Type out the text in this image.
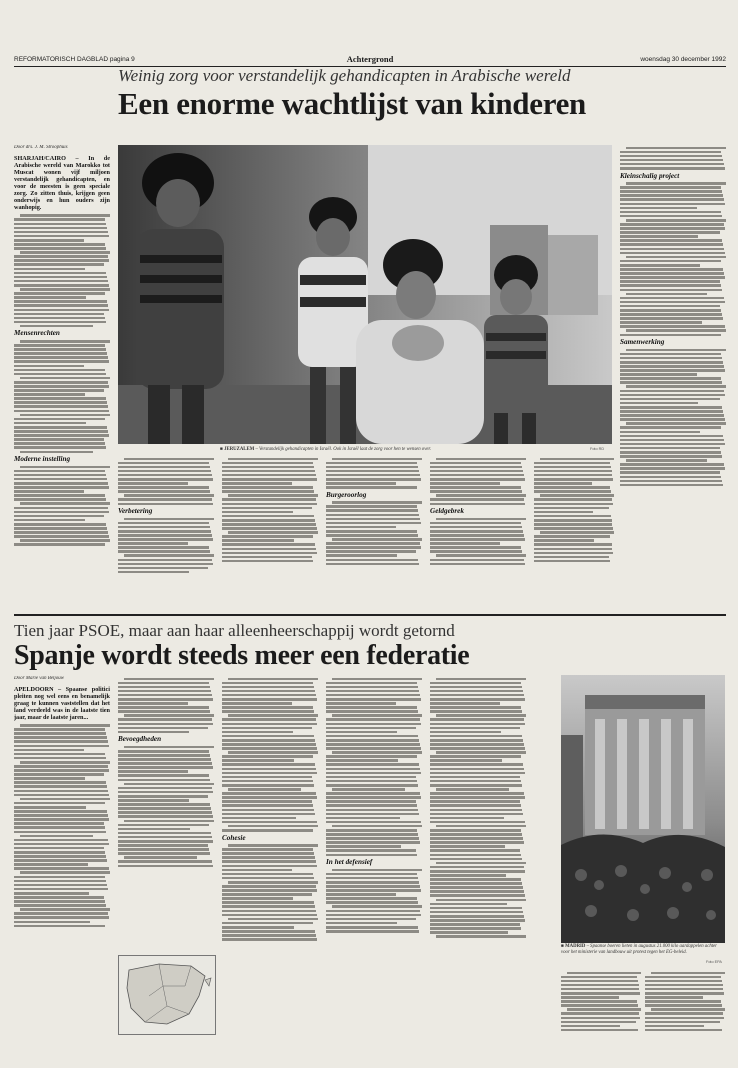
REFORMATORISCH DAGBLAD pagina 9	Achtergrond	woensdag 30 december 1992
Weinig zorg voor verstandelijk gehandicapten in Arabische wereld
Een enorme wachtlijst van kinderen
Door drs. J. M. Stroophuis
SHARJAH/CAIRO – In de Arabische wereld van Marokko tot Muscat wonen vijf miljoen verstandelijk gehandicapten, en voor de meesten is geen speciale zorg. Zo zitten thuis, krijgen geen onderwijs en hun ouders zijn wanhopig.
Mensenrechten
Moderne instelling
■ JERUZALEM – Verstandelijk gehandicapten in Israël. Ook in Israël laat de zorg voor hen te wensen over.	Foto RD
Verbetering
Burgeroorlog
Geldgebrek
Kleinschalig project
Samenwerking
Tien jaar PSOE, maar aan haar alleenheerschappij wordt getornd
Spanje wordt steeds meer een federatie
Door Marie van Beljouw
APELDOORN – Spaanse politici pleiten nog wel eens en benamelijk graag te kunnen vaststellen dat het land verdeeld was in de laatste tien jaar, maar de laatste jaren...
Bevoegdheden
Cohesie
In het defensief
■ MADRID – Spaanse boeren lieten in augustus 21.000 kilo aardappelen achter voor het ministerie van landbouw uit protest tegen het EG-beleid.
Foto EPA
